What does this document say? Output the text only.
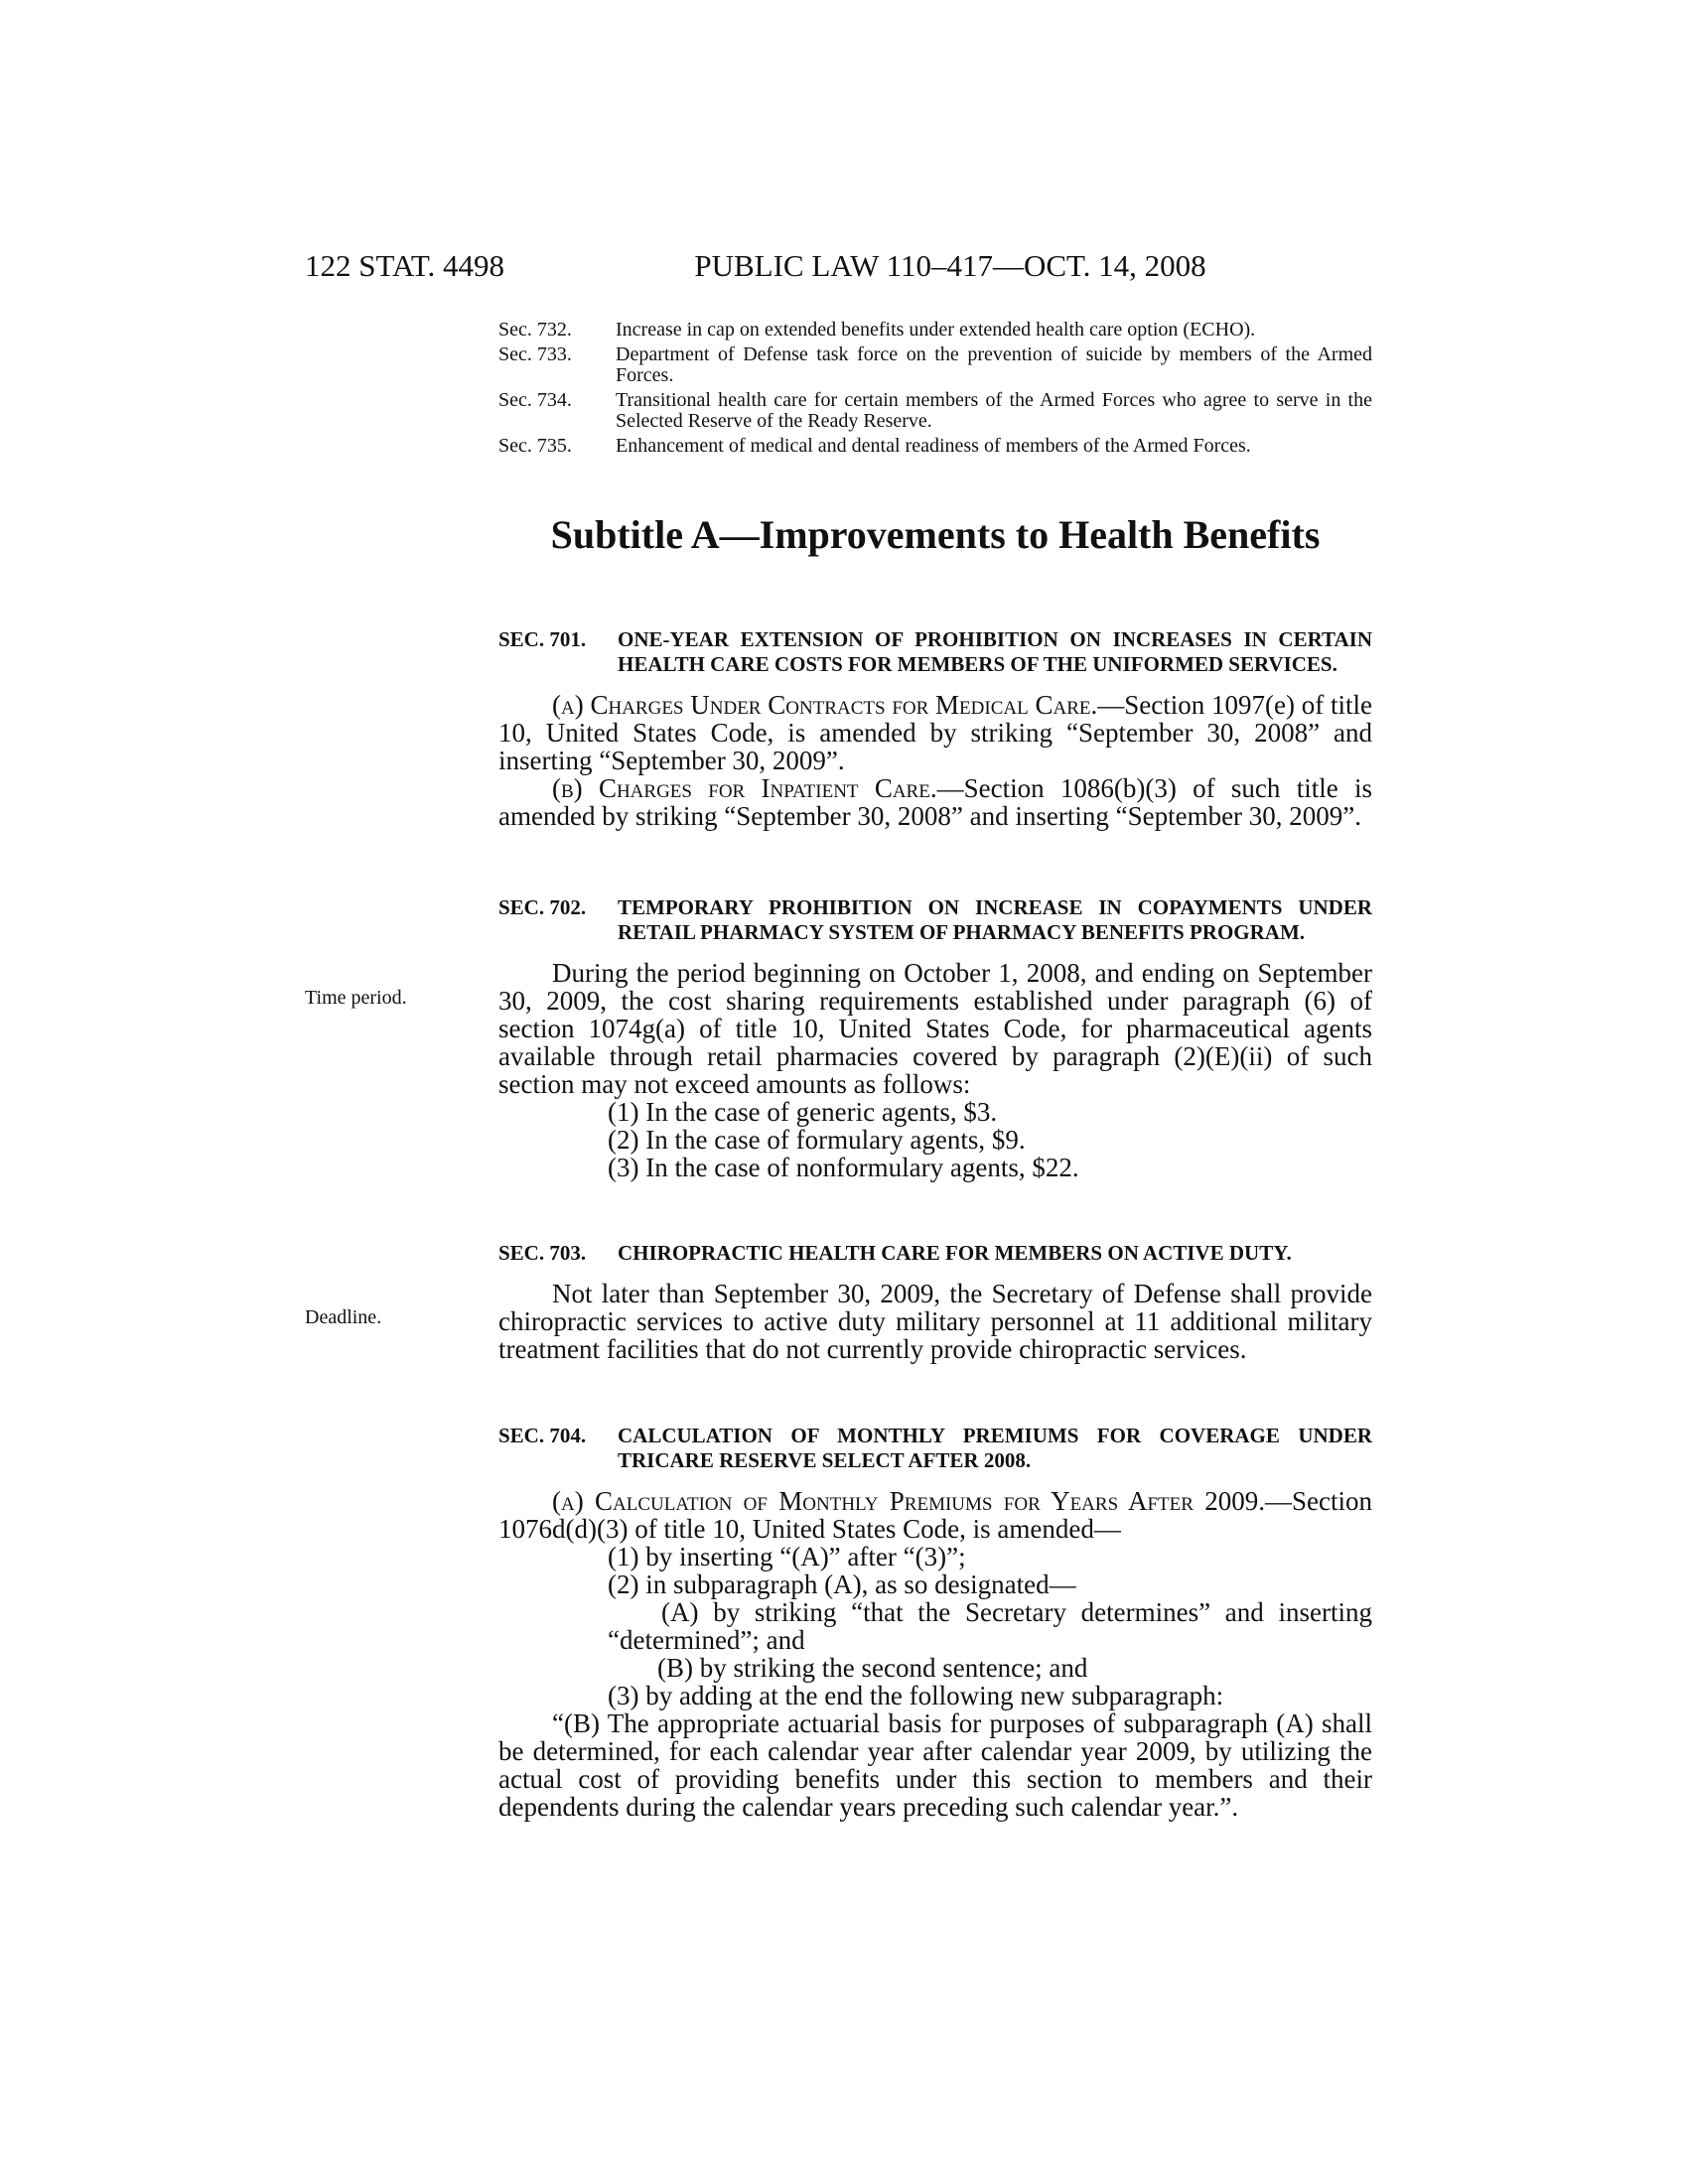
122 STAT. 4498	PUBLIC LAW 110–417—OCT. 14, 2008
Sec. 732.	Increase in cap on extended benefits under extended health care option (ECHO).
Sec. 733.	Department of Defense task force on the prevention of suicide by members of the Armed Forces.
Sec. 734.	Transitional health care for certain members of the Armed Forces who agree to serve in the Selected Reserve of the Ready Reserve.
Sec. 735.	Enhancement of medical and dental readiness of members of the Armed Forces.
Subtitle A—Improvements to Health Benefits
SEC. 701.	ONE-YEAR EXTENSION OF PROHIBITION ON INCREASES IN CERTAIN HEALTH CARE COSTS FOR MEMBERS OF THE UNIFORMED SERVICES.

(a) Charges Under Contracts for Medical Care.—Section 1097(e) of title 10, United States Code, is amended by striking “September 30, 2008” and inserting “September 30, 2009”.

(b) Charges for Inpatient Care.—Section 1086(b)(3) of such title is amended by striking “September 30, 2008” and inserting “September 30, 2009”.

Time period.
SEC. 702.	TEMPORARY PROHIBITION ON INCREASE IN COPAYMENTS UNDER RETAIL PHARMACY SYSTEM OF PHARMACY BENEFITS PROGRAM.

During the period beginning on October 1, 2008, and ending on September 30, 2009, the cost sharing requirements established under paragraph (6) of section 1074g(a) of title 10, United States Code, for pharmaceutical agents available through retail pharmacies covered by paragraph (2)(E)(ii) of such section may not exceed amounts as follows:

(1) In the case of generic agents, $3.

(2) In the case of formulary agents, $9.

(3) In the case of nonformulary agents, $22.

Deadline.
SEC. 703.	CHIROPRACTIC HEALTH CARE FOR MEMBERS ON ACTIVE DUTY.

Not later than September 30, 2009, the Secretary of Defense shall provide chiropractic services to active duty military personnel at 11 additional military treatment facilities that do not currently provide chiropractic services.

SEC. 704.	CALCULATION OF MONTHLY PREMIUMS FOR COVERAGE UNDER TRICARE RESERVE SELECT AFTER 2008.

(a) Calculation of Monthly Premiums for Years After 2009.—Section 1076d(d)(3) of title 10, United States Code, is amended—

(1) by inserting “(A)” after “(3)”;

(2) in subparagraph (A), as so designated—

(A) by striking “that the Secretary determines” and inserting “determined”; and

(B) by striking the second sentence; and

(3) by adding at the end the following new subparagraph:

“(B) The appropriate actuarial basis for purposes of subparagraph (A) shall be determined, for each calendar year after calendar year 2009, by utilizing the actual cost of providing benefits under this section to members and their dependents during the calendar years preceding such calendar year.”.
